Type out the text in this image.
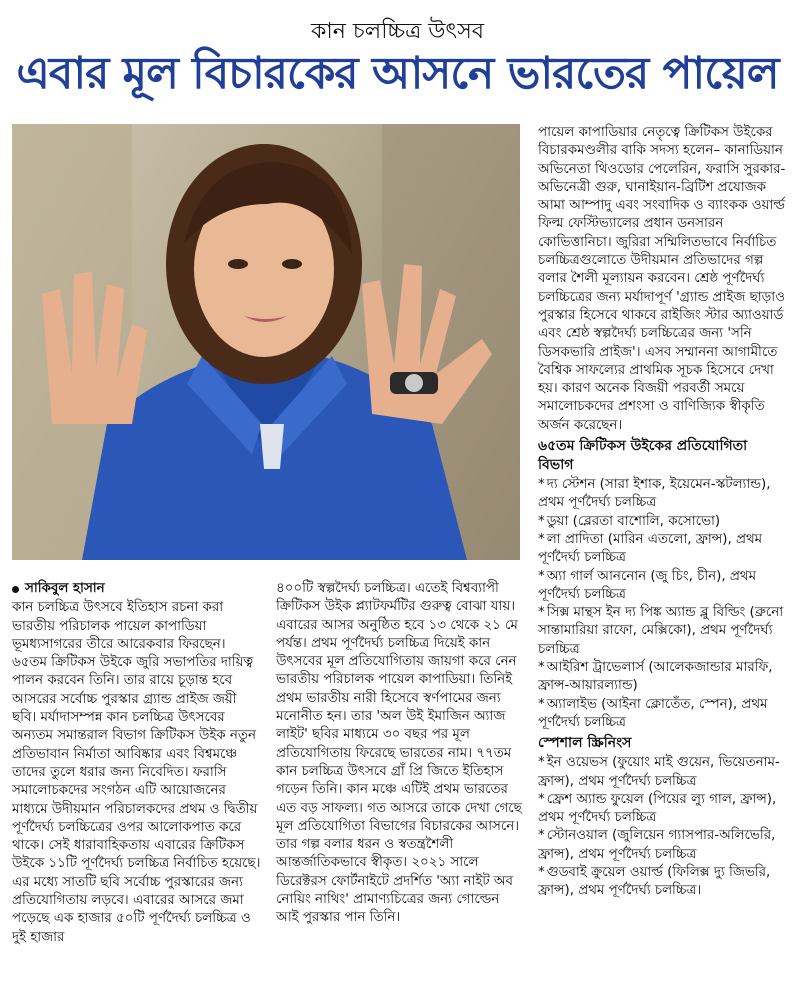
কান চলচ্চিত্র উৎসব
এবার মূল বিচারকের আসনে ভারতের পায়েল
সাকিবুল হাসান

কান চলচ্চিত্র উৎসবে ইতিহাস রচনা করা ভারতীয় পরিচালক পায়েল কাপাডিয়া ভূমধ্যসাগরের তীরে আরেকবার ফিরছেন। ৬৫তম ক্রিটিকস উইকে জুরি সভাপতির দায়িত্ব পালন করবেন তিনি। তার রায়ে চূড়ান্ত হবে আসরের সর্বোচ্চ পুরস্কার গ্র্যান্ড প্রাইজ জয়ী ছবি। মর্যাদাসম্পন্ন কান চলচ্চিত্র উৎসবের অন্যতম সমান্তরাল বিভাগ ক্রিটিকস উইক নতুন প্রতিভাবান নির্মাতা আবিষ্কার এবং বিশ্বমঞ্চে তাদের তুলে ধরার জন্য নিবেদিত। ফরাসি সমালোচকদের সংগঠন এটি আয়োজনের মাধ্যমে উদীয়মান পরিচালকদের প্রথম ও দ্বিতীয় পূর্ণদৈর্ঘ্য চলচ্চিত্রের ওপর আলোকপাত করে থাকে। সেই ধারাবাহিকতায় এবারের ক্রিটিকস উইকে ১১টি পূর্ণদৈর্ঘ্য চলচ্চিত্র নির্বাচিত হয়েছে। এর মধ্যে সাতটি ছবি সর্বোচ্চ পুরস্কারের জন্য প্রতিযোগিতায় লড়বে। এবারের আসরে জমা পড়েছে এক হাজার ৫০টি পূর্ণদৈর্ঘ্য চলচ্চিত্র ও দুই হাজার

৪০০টি স্বল্পদৈর্ঘ্য চলচ্চিত্র। এতেই বিশ্বব্যাপী ক্রিটিকস উইক প্ল্যাটফর্মটির গুরুত্ব বোঝা যায়। এবারের আসর অনুষ্ঠিত হবে ১৩ থেকে ২১ মে পর্যন্ত। প্রথম পূর্ণদৈর্ঘ্য চলচ্চিত্র দিয়েই কান উৎসবের মূল প্রতিযোগিতায় জায়গা করে নেন ভারতীয় পরিচালক পায়েল কাপাডিয়া। তিনিই প্রথম ভারতীয় নারী হিসেবে স্বর্ণপামের জন্য মনোনীত হন। তার 'অল উই ইমাজিন অ্যাজ লাইট' ছবির মাধ্যমে ৩০ বছর পর মূল প্রতিযোগিতায় ফিরেছে ভারতের নাম। ৭৭তম কান চলচ্চিত্র উৎসবে গ্রাঁ প্রি জিতে ইতিহাস গড়েন তিনি। কান মঞ্চে এটিই প্রথম ভারতের এত বড় সাফল্য। গত আসরে তাকে দেখা গেছে মূল প্রতিযোগিতা বিভাগের বিচারকের আসনে। তার গল্প বলার ধরন ও স্বতন্ত্রশৈলী আন্তর্জাতিকভাবে স্বীকৃত। ২০২১ সালে ডিরেক্টরস ফোর্টনাইটে প্রদর্শিত 'অ্যা নাইট অব নোয়িং নাথিং' প্রামাণ্যচিত্রের জন্য গোল্ডেন আই পুরস্কার পান তিনি।

পায়েল কাপাডিয়ার নেতৃত্বে ক্রিটিকস উইকের বিচারকমণ্ডলীর বাকি সদস্য হলেন– কানাডিয়ান অভিনেতা থিওডোর পেলেরিন, ফরাসি সুরকার-অভিনেত্রী গুরু, ঘানাইয়ান-ব্রিটিশ প্রযোজক আমা আম্পাদু এবং সংবাদিক ও ব্যাংকক ওয়ার্ল্ড ফিল্ম ফেস্টিভ্যালের প্রধান ডনসারন কোভিত্তানিচা। জুরিরা সম্মিলিতভাবে নির্বাচিত চলচ্চিত্রগুলোতে উদীয়মান প্রতিভাদের গল্প বলার শৈলী মূল্যায়ন করবেন। শ্রেষ্ঠ পূর্ণদৈর্ঘ্য চলচ্চিত্রের জন্য মর্যাদাপূর্ণ 'গ্র্যান্ড প্রাইজ ছাড়াও পুরস্কার হিসেবে থাকবে রাইজিং স্টার অ্যাওয়ার্ড এবং শ্রেষ্ঠ স্বল্পদৈর্ঘ্য চলচ্চিত্রের জন্য 'সনি ডিসকভারি প্রাইজ'। এসব সম্মাননা আগামীতে বৈশ্বিক সাফল্যের প্রাথমিক সূচক হিসেবে দেখা হয়। কারণ অনেক বিজয়ী পরবর্তী সময়ে সমালোচকদের প্রশংসা ও বাণিজ্যিক স্বীকৃতি অর্জন করেছেন।

৬৫তম ক্রিটিকস উইকের প্রতিযোগিতা বিভাগ

* দ্য স্টেশন (সারা ইশাক, ইয়েমেন-স্কটল্যান্ড), প্রথম পূর্ণদৈর্ঘ্য চলচ্চিত্র

* ডুয়া (ব্লেরতা বাশোলি, কসোভো)

* লা প্রাদিতা (মারিন এতলো, ফ্রান্স), প্রথম পূর্ণদৈর্ঘ্য চলচ্চিত্র

* অ্যা গার্ল আননোন (জু চিং, চীন), প্রথম পূর্ণদৈর্ঘ্য চলচ্চিত্র

* সিক্স মান্থস ইন দ্য পিঙ্ক অ্যান্ড ব্লু বিল্ডিং (ব্রুনো সান্তামারিয়া রাফো, মেক্সিকো), প্রথম পূর্ণদৈর্ঘ্য চলচ্চিত্র

* আইরিশ ট্রাভেলার্স (আলেকজান্ডার মারফি, ফ্রান্স-আয়ারল্যান্ড)

* অ্যালাইভ (আইনা ক্লোতেঁত, স্পেন), প্রথম পূর্ণদৈর্ঘ্য চলচ্চিত্র

স্পেশাল স্ক্রিনিংস

* ইন ওয়েভস (ফুয়োং মাই গুয়েন, ভিয়েতনাম-ফ্রান্স), প্রথম পূর্ণদৈর্ঘ্য চলচ্চিত্র

* ফ্রেশ অ্যান্ড ফুয়েল (পিয়ের ল্যু গাল, ফ্রান্স), প্রথম পূর্ণদৈর্ঘ্য চলচ্চিত্র

* স্টোনওয়াল (জুলিয়েন গ্যাসপার-অলিভেরি, ফ্রান্স), প্রথম পূর্ণদৈর্ঘ্য চলচ্চিত্র

* গুডবাই ক্রুয়েল ওয়ার্ল্ড (ফিলিক্স দ্যু জিভরি, ফ্রান্স), প্রথম পূর্ণদৈর্ঘ্য চলচ্চিত্র।
